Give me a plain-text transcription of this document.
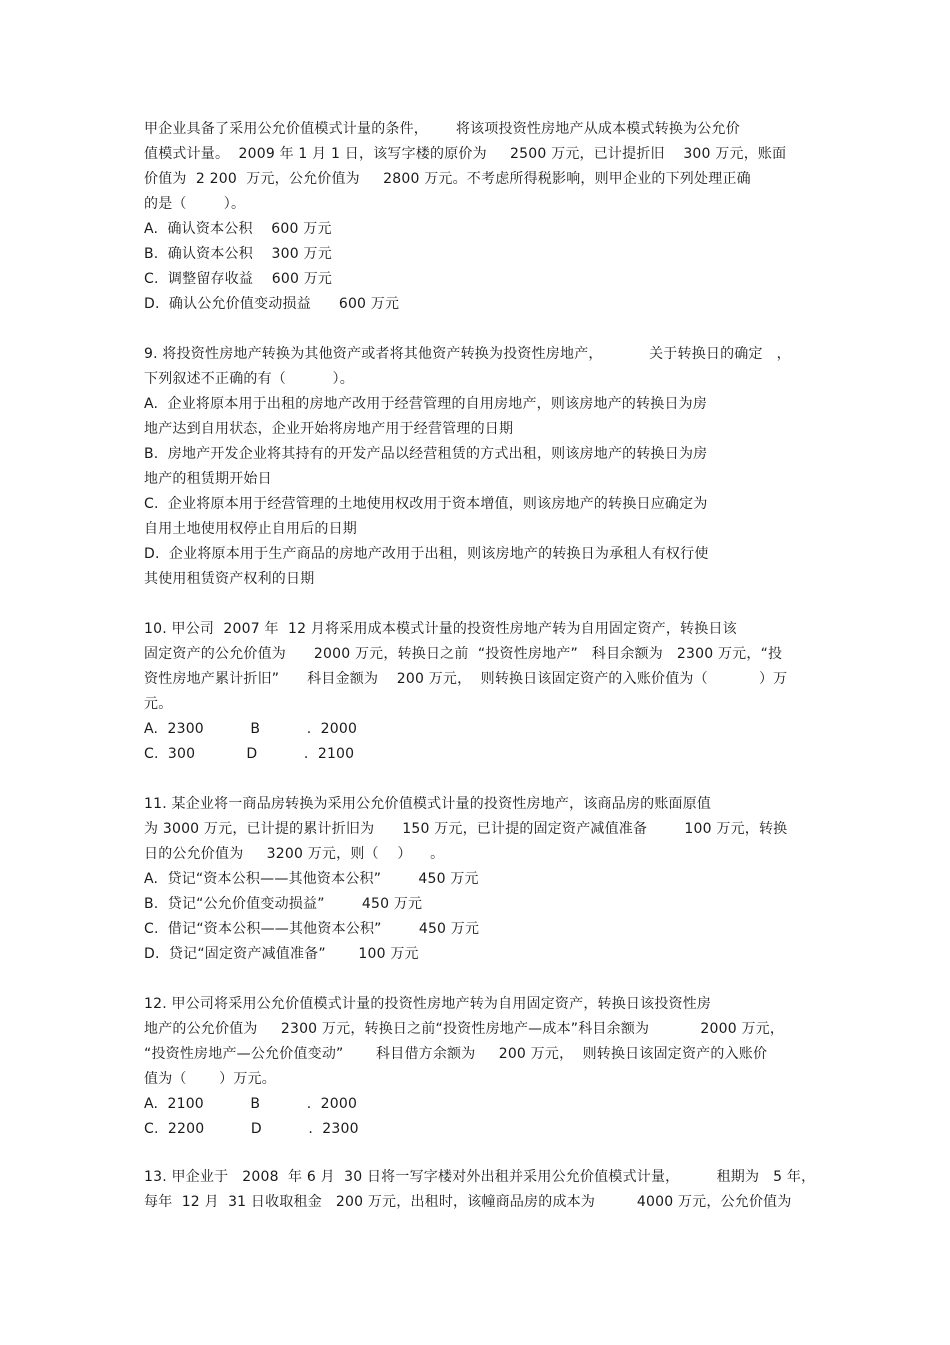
甲企业具备了采用公允价值模式计量的条件，      将该项投资性房地产从成本模式转换为公允价
值模式计量。  2009 年 1 月 1 日，该写字楼的原价为     2500 万元，已计提折旧    300 万元，账面
价值为  2 200  万元，公允价值为     2800 万元。不考虑所得税影响，则甲企业的下列处理正确
的是（        ）。
A.  确认资本公积    600 万元
B.  确认资本公积    300 万元
C.  调整留存收益    600 万元
D.  确认公允价值变动损益      600 万元
9. 将投资性房地产转换为其他资产或者将其他资产转换为投资性房地产，          关于转换日的确定   ，
下列叙述不正确的有（          ）。
A.  企业将原本用于出租的房地产改用于经营管理的自用房地产，则该房地产的转换日为房
地产达到自用状态，企业开始将房地产用于经营管理的日期
B.  房地产开发企业将其持有的开发产品以经营租赁的方式出租，则该房地产的转换日为房
地产的租赁期开始日
C.  企业将原本用于经营管理的土地使用权改用于资本增值，则该房地产的转换日应确定为
自用土地使用权停止自用后的日期
D.  企业将原本用于生产商品的房地产改用于出租，则该房地产的转换日为承租人有权行使
其使用租赁资产权利的日期
10. 甲公司  2007 年  12 月将采用成本模式计量的投资性房地产转为自用固定资产，转换日该
固定资产的公允价值为      2000 万元，转换日之前  “投资性房地产”   科目余额为   2300 万元，“投
资性房地产累计折旧”      科目金额为    200 万元，  则转换日该固定资产的入账价值为（           ）万
元。
A.  2300          B          .  2000
C.  300           D          .  2100
11. 某企业将一商品房转换为采用公允价值模式计量的投资性房地产，该商品房的账面原值
为 3000 万元，已计提的累计折旧为      150 万元，已计提的固定资产减值准备        100 万元，转换
日的公允价值为     3200 万元，则（    ）    。
A.  贷记“资本公积——其他资本公积”        450 万元
B.  贷记“公允价值变动损益”        450 万元
C.  借记“资本公积——其他资本公积”        450 万元
D.  贷记“固定资产减值准备”       100 万元
12. 甲公司将采用公允价值模式计量的投资性房地产转为自用固定资产，转换日该投资性房
地产的公允价值为     2300 万元，转换日之前“投资性房地产—成本”科目余额为           2000 万元，
“投资性房地产—公允价值变动”       科目借方余额为     200 万元，  则转换日该固定资产的入账价
值为（       ）万元。
A.  2100          B          .  2000
C.  2200          D          .  2300
13. 甲企业于   2008  年 6 月  30 日将一写字楼对外出租并采用公允价值模式计量，        租期为   5 年，
每年  12 月  31 日收取租金   200 万元，出租时，该幢商品房的成本为         4000 万元，公允价值为
